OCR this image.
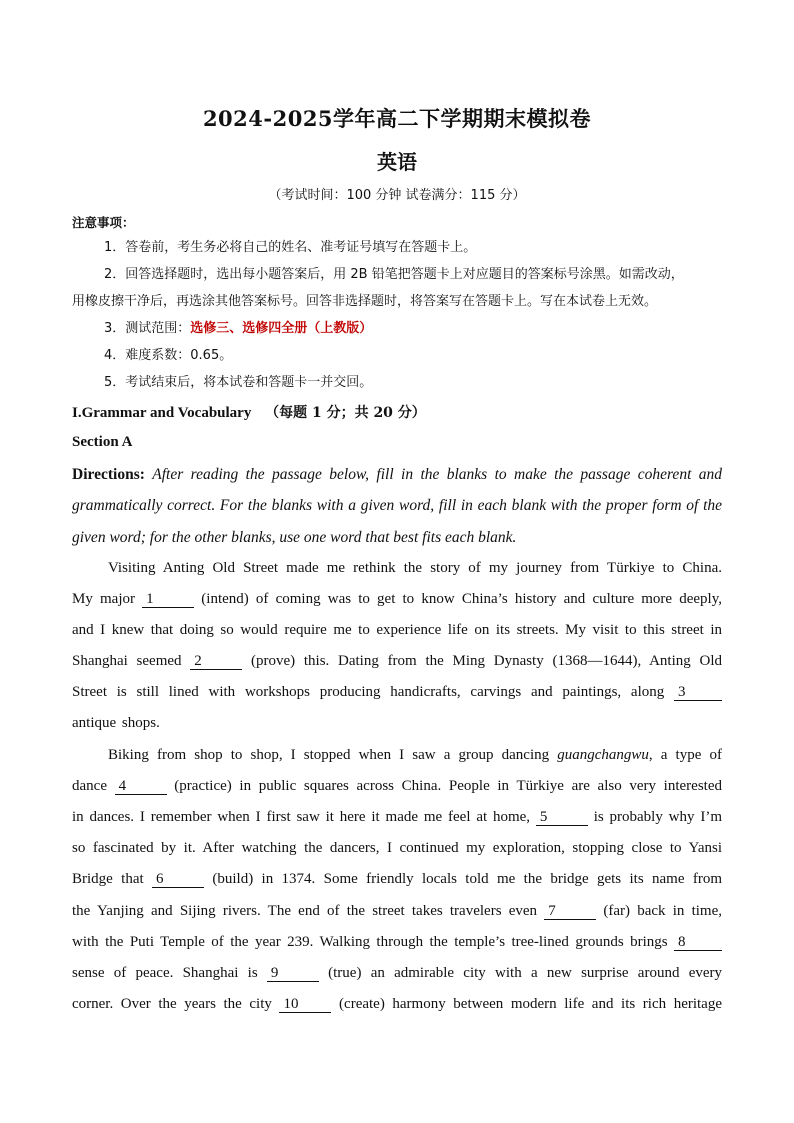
2024-2025学年高二下学期期末模拟卷
英语
（考试时间：100 分钟 试卷满分：115 分）
注意事项：
1．答卷前，考生务必将自己的姓名、准考证号填写在答题卡上。
2．回答选择题时，选出每小题答案后，用 2B 铅笔把答题卡上对应题目的答案标号涂黑。如需改动，
用橡皮擦干净后，再选涂其他答案标号。回答非选择题时，将答案写在答题卡上。写在本试卷上无效。
3．测试范围：选修三、选修四全册（上教版）
4．难度系数：0.65。
5．考试结束后，将本试卷和答题卡一并交回。
I.Grammar and Vocabulary （每题 1 分；共 20 分）
Section A
Directions: After reading the passage below, fill in the blanks to make the passage coherent and grammatically correct. For the blanks with a given word, fill in each blank with the proper form of the given word; for the other blanks, use one word that best fits each blank.
Visiting Anting Old Street made me rethink the story of my journey from Türkiye to China.
My major 1	(intend) of coming was to get to know China’s history and culture more deeply,
and I knew that doing so would require me to experience life on its streets. My visit to this street in
Shanghai seemed 2	(prove) this. Dating from the Ming Dynasty (1368—1644), Anting Old
Street is still lined with workshops producing handicrafts, carvings and paintings, along 3
antique shops.
Biking from shop to shop, I stopped when I saw a group dancing guangchangwu, a type of
dance 4	(practice) in public squares across China. People in Türkiye are also very interested
in dances. I remember when I first saw it here it made me feel at home, 5	is probably why I’m
so fascinated by it. After watching the dancers, I continued my exploration, stopping close to Yansi
Bridge that 6	(build) in 1374. Some friendly locals told me the bridge gets its name from
the Yanjing and Sijing rivers. The end of the street takes travelers even 7	(far) back in time,
with the Puti Temple of the year 239. Walking through the temple’s tree-lined grounds brings 8
sense of peace. Shanghai is 9	(true) an admirable city with a new surprise around every
corner. Over the years the city 10 (create) harmony between modern life and its rich heritage
